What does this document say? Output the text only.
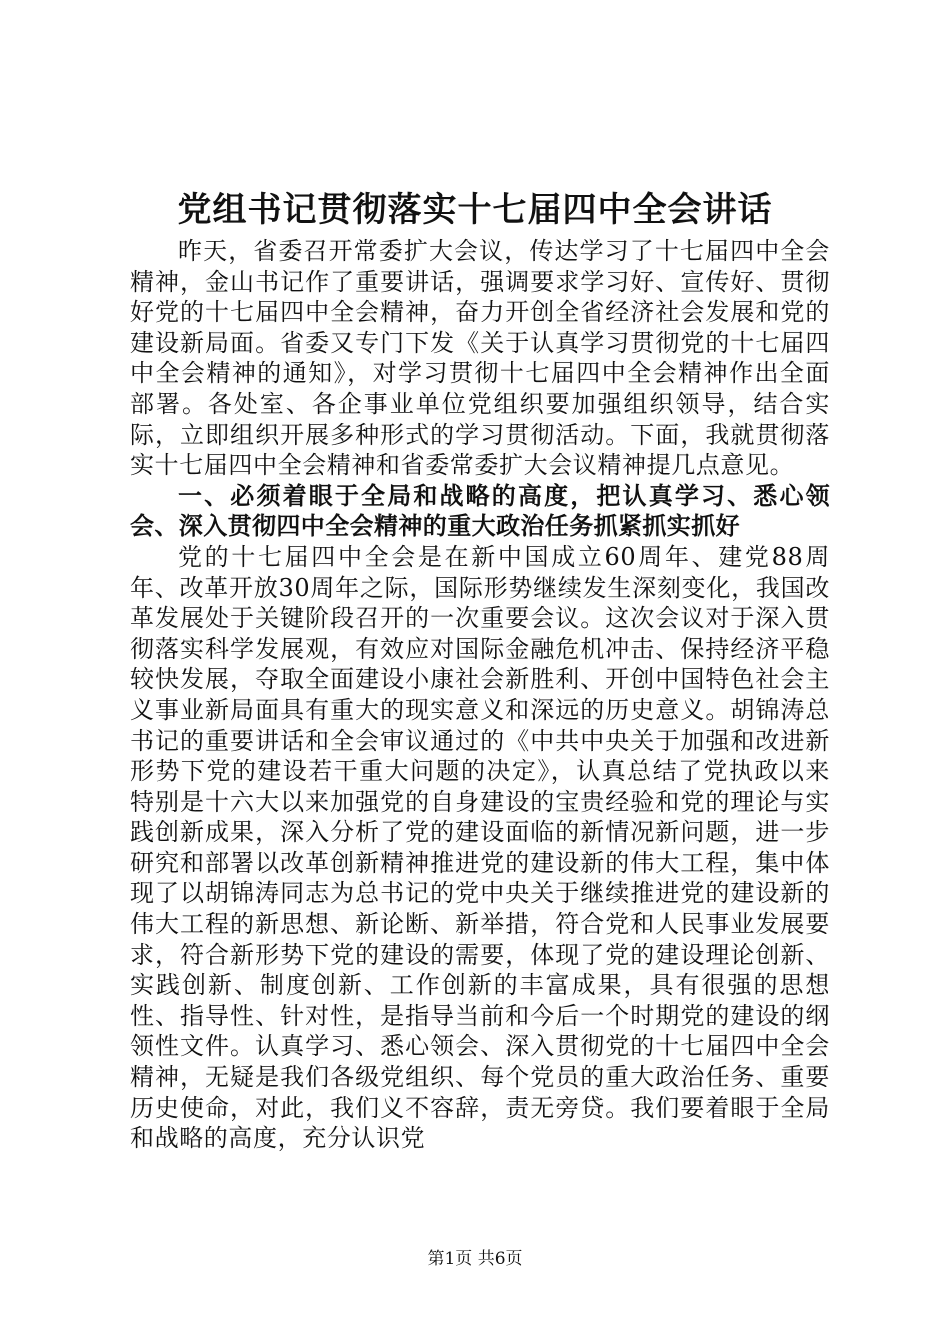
党组书记贯彻落实十七届四中全会讲话

昨天，省委召开常委扩大会议，传达学习了十七届四中全会精神，金山书记作了重要讲话，强调要求学习好、宣传好、贯彻好党的十七届四中全会精神，奋力开创全省经济社会发展和党的建设新局面。省委又专门下发《关于认真学习贯彻党的十七届四中全会精神的通知》，对学习贯彻十七届四中全会精神作出全面部署。各处室、各企事业单位党组织要加强组织领导，结合实际，立即组织开展多种形式的学习贯彻活动。下面，我就贯彻落实十七届四中全会精神和省委常委扩大会议精神提几点意见。

一、必须着眼于全局和战略的高度，把认真学习、悉心领会、深入贯彻四中全会精神的重大政治任务抓紧抓实抓好

党的十七届四中全会是在新中国成立60周年、建党88周年、改革开放30周年之际，国际形势继续发生深刻变化，我国改革发展处于关键阶段召开的一次重要会议。这次会议对于深入贯彻落实科学发展观，有效应对国际金融危机冲击、保持经济平稳较快发展，夺取全面建设小康社会新胜利、开创中国特色社会主义事业新局面具有重大的现实意义和深远的历史意义。胡锦涛总书记的重要讲话和全会审议通过的《中共中央关于加强和改进新形势下党的建设若干重大问题的决定》，认真总结了党执政以来特别是十六大以来加强党的自身建设的宝贵经验和党的理论与实践创新成果，深入分析了党的建设面临的新情况新问题，进一步研究和部署以改革创新精神推进党的建设新的伟大工程，集中体现了以胡锦涛同志为总书记的党中央关于继续推进党的建设新的伟大工程的新思想、新论断、新举措，符合党和人民事业发展要求，符合新形势下党的建设的需要，体现了党的建设理论创新、实践创新、制度创新、工作创新的丰富成果，具有很强的思想性、指导性、针对性，是指导当前和今后一个时期党的建设的纲领性文件。认真学习、悉心领会、深入贯彻党的十七届四中全会精神，无疑是我们各级党组织、每个党员的重大政治任务、重要历史使命，对此，我们义不容辞，责无旁贷。我们要着眼于全局和战略的高度，充分认识党

第1页 共6页
